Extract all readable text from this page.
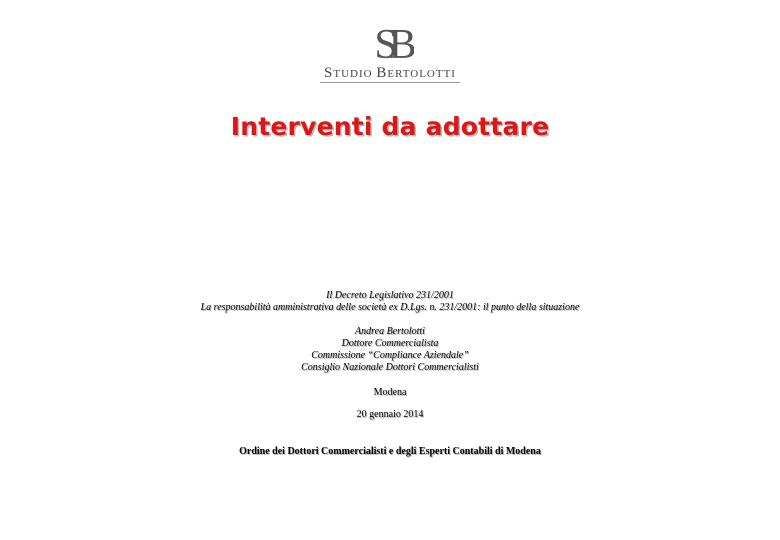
SB
STUDIO BERTOLOTTI
Interventi da adottare
Il Decreto Legislativo 231/2001
La responsabilità amministrativa delle società ex D.Lgs. n. 231/2001: il punto della situazione
Andrea Bertolotti
Dottore Commercialista
Commissione “Compliance Aziendale”
Consiglio Nazionale Dottori Commercialisti
Modena
20 gennaio 2014
Ordine dei Dottori Commercialisti e degli Esperti Contabili di Modena
